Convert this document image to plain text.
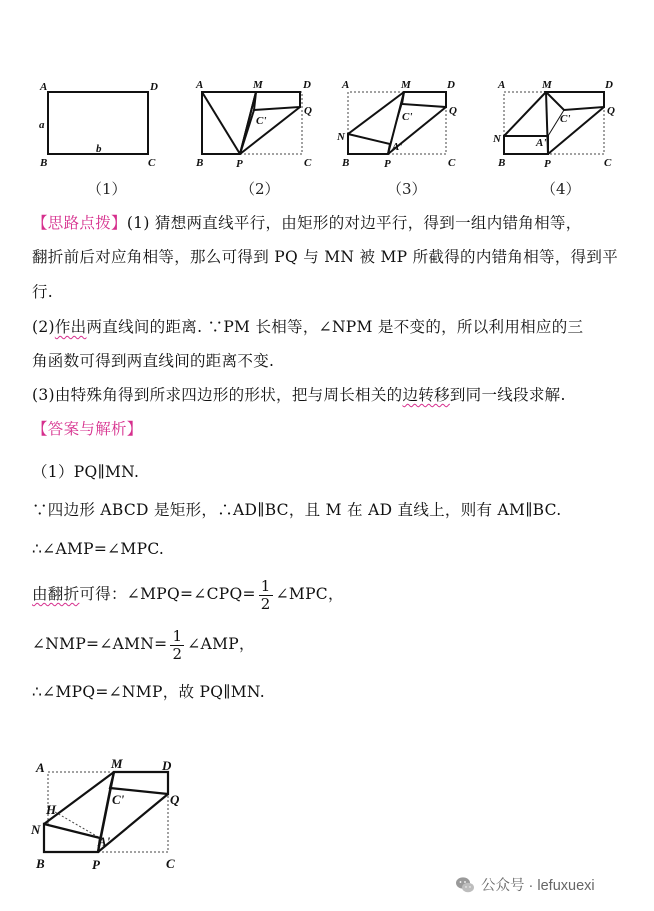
A	D
a
B
b
C
（1）
A	M	D
C'
Q
B	P	C
（2）
A	M	D
C'	Q
N
A'
B	P	C
（3）
A	M	D
C'
Q
N	A'
B	P	C
（4）
【思路点拨】(1) 猜想两直线平行，由矩形的对边平行，得到一组内错角相等，
翻折前后对应角相等，那么可得到 PQ 与 MN 被 MP 所截得的内错角相等，得到平
行.
(2)作出两直线间的距离. ∵PM 长相等，∠NPM 是不变的，所以利用相应的三
角函数可得到两直线间的距离不变.
(3)由特殊角得到所求四边形的形状，把与周长相关的边转移到同一线段求解.
【答案与解析】
（1）PQ∥MN.
∵四边形 ABCD 是矩形，∴AD∥BC，且 M 在 AD 直线上，则有 AM∥BC.
∴∠AMP=∠MPC.
由翻折可得：∠MPQ=∠CPQ= $\frac{1}{2}$ ∠MPC，
∠NMP=∠AMN= $\frac{1}{2}$ ∠AMP，
∴∠MPQ=∠NMP，故 PQ∥MN.
A	M	D
H
C'	Q
N
A'
B	P	C
公众号 · lefuxuexi
